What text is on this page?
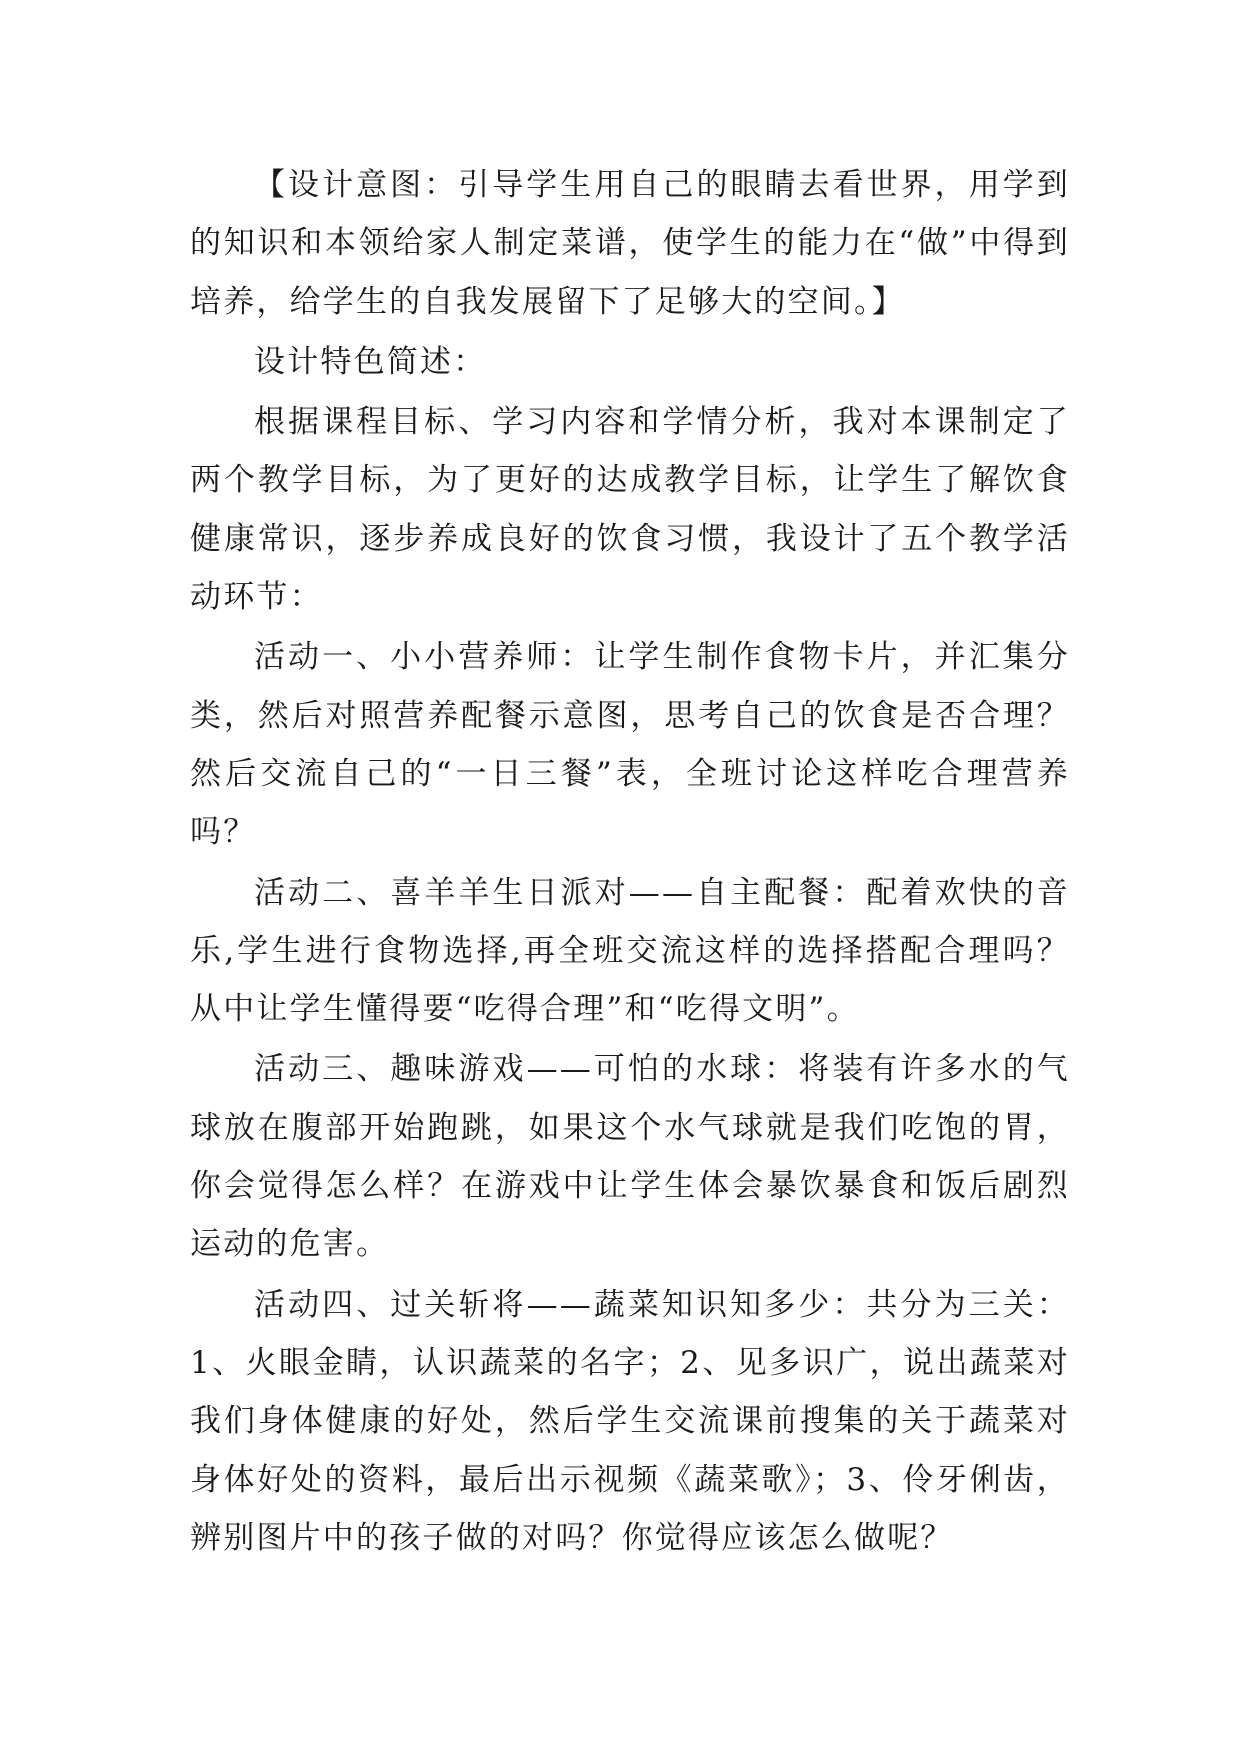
【设计意图：引导学生用自己的眼睛去看世界，用学到的知识和本领给家人制定菜谱，使学生的能力在“做”中得到培养，给学生的自我发展留下了足够大的空间。】

设计特色简述：

根据课程目标、学习内容和学情分析，我对本课制定了两个教学目标，为了更好的达成教学目标，让学生了解饮食健康常识，逐步养成良好的饮食习惯，我设计了五个教学活动环节：

活动一、小小营养师：让学生制作食物卡片，并汇集分类，然后对照营养配餐示意图，思考自己的饮食是否合理？然后交流自己的“一日三餐”表，全班讨论这样吃合理营养吗？

活动二、喜羊羊生日派对——自主配餐：配着欢快的音乐,学生进行食物选择,再全班交流这样的选择搭配合理吗？从中让学生懂得要“吃得合理”和“吃得文明”。

活动三、趣味游戏——可怕的水球：将装有许多水的气球放在腹部开始跑跳，如果这个水气球就是我们吃饱的胃，你会觉得怎么样？在游戏中让学生体会暴饮暴食和饭后剧烈运动的危害。

活动四、过关斩将——蔬菜知识知多少：共分为三关：1、火眼金睛，认识蔬菜的名字；2、见多识广，说出蔬菜对我们身体健康的好处，然后学生交流课前搜集的关于蔬菜对身体好处的资料，最后出示视频《蔬菜歌》；3、伶牙俐齿，辨别图片中的孩子做的对吗？你觉得应该怎么做呢？
